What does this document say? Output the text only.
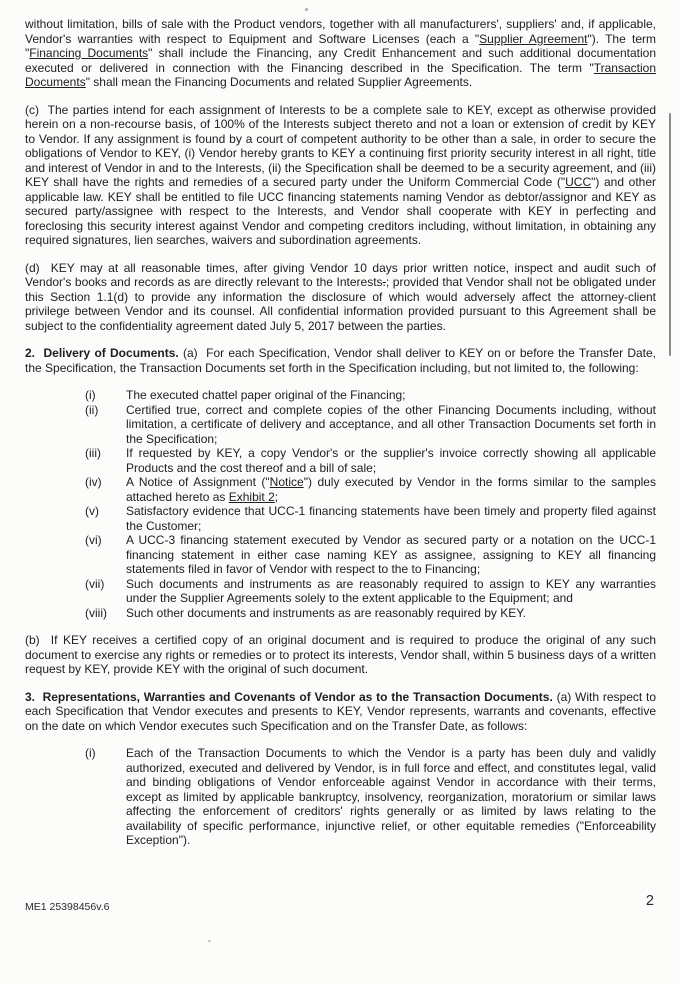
without limitation, bills of sale with the Product vendors, together with all manufacturers', suppliers' and, if applicable, Vendor's warranties with respect to Equipment and Software Licenses (each a "Supplier Agreement"). The term "Financing Documents" shall include the Financing, any Credit Enhancement and such additional documentation executed or delivered in connection with the Financing described in the Specification. The term "Transaction Documents" shall mean the Financing Documents and related Supplier Agreements.

(c)  The parties intend for each assignment of Interests to be a complete sale to KEY, except as otherwise provided herein on a non-recourse basis, of 100% of the Interests subject thereto and not a loan or extension of credit by KEY to Vendor. If any assignment is found by a court of competent authority to be other than a sale, in order to secure the obligations of Vendor to KEY, (i) Vendor hereby grants to KEY a continuing first priority security interest in all right, title and interest of Vendor in and to the Interests, (ii) the Specification shall be deemed to be a security agreement, and (iii) KEY shall have the rights and remedies of a secured party under the Uniform Commercial Code ("UCC") and other applicable law. KEY shall be entitled to file UCC financing statements naming Vendor as debtor/assignor and KEY as secured party/assignee with respect to the Interests, and Vendor shall cooperate with KEY in perfecting and foreclosing this security interest against Vendor and competing creditors including, without limitation, in obtaining any required signatures, lien searches, waivers and subordination agreements.

(d)  KEY may at all reasonable times, after giving Vendor 10 days prior written notice, inspect and audit such of Vendor's books and records as are directly relevant to the Interests.; provided that Vendor shall not be obligated under this Section 1.1(d) to provide any information the disclosure of which would adversely affect the attorney-client privilege between Vendor and its counsel. All confidential information provided pursuant to this Agreement shall be subject to the confidentiality agreement dated July 5, 2017 between the parties.

2.  Delivery of Documents. (a)  For each Specification, Vendor shall deliver to KEY on or before the Transfer Date, the Specification, the Transaction Documents set forth in the Specification including, but not limited to, the following:

(i)	The executed chattel paper original of the Financing;
(ii)	Certified true, correct and complete copies of the other Financing Documents including, without limitation, a certificate of delivery and acceptance, and all other Transaction Documents set forth in the Specification;
(iii)	If requested by KEY, a copy Vendor's or the supplier's invoice correctly showing all applicable Products and the cost thereof and a bill of sale;
(iv)	A Notice of Assignment ("Notice") duly executed by Vendor in the forms similar to the samples attached hereto as Exhibit 2;
(v)	Satisfactory evidence that UCC-1 financing statements have been timely and property filed against the Customer;
(vi)	A UCC-3 financing statement executed by Vendor as secured party or a notation on the UCC-1 financing statement in either case naming KEY as assignee, assigning to KEY all financing statements filed in favor of Vendor with respect to the to Financing;
(vii)	Such documents and instruments as are reasonably required to assign to KEY any warranties under the Supplier Agreements solely to the extent applicable to the Equipment; and
(viii)	Such other documents and instruments as are reasonably required by KEY.

(b)  If KEY receives a certified copy of an original document and is required to produce the original of any such document to exercise any rights or remedies or to protect its interests, Vendor shall, within 5 business days of a written request by KEY, provide KEY with the original of such document.

3.  Representations, Warranties and Covenants of Vendor as to the Transaction Documents. (a) With respect to each Specification that Vendor executes and presents to KEY, Vendor represents, warrants and covenants, effective on the date on which Vendor executes such Specification and on the Transfer Date, as follows:

(i)	Each of the Transaction Documents to which the Vendor is a party has been duly and validly authorized, executed and delivered by Vendor, is in full force and effect, and constitutes legal, valid and binding obligations of Vendor enforceable against Vendor in accordance with their terms, except as limited by applicable bankruptcy, insolvency, reorganization, moratorium or similar laws affecting the enforcement of creditors' rights generally or as limited by laws relating to the availability of specific performance, injunctive relief, or other equitable remedies ("Enforceability Exception").
ME1 25398456v.6	2
